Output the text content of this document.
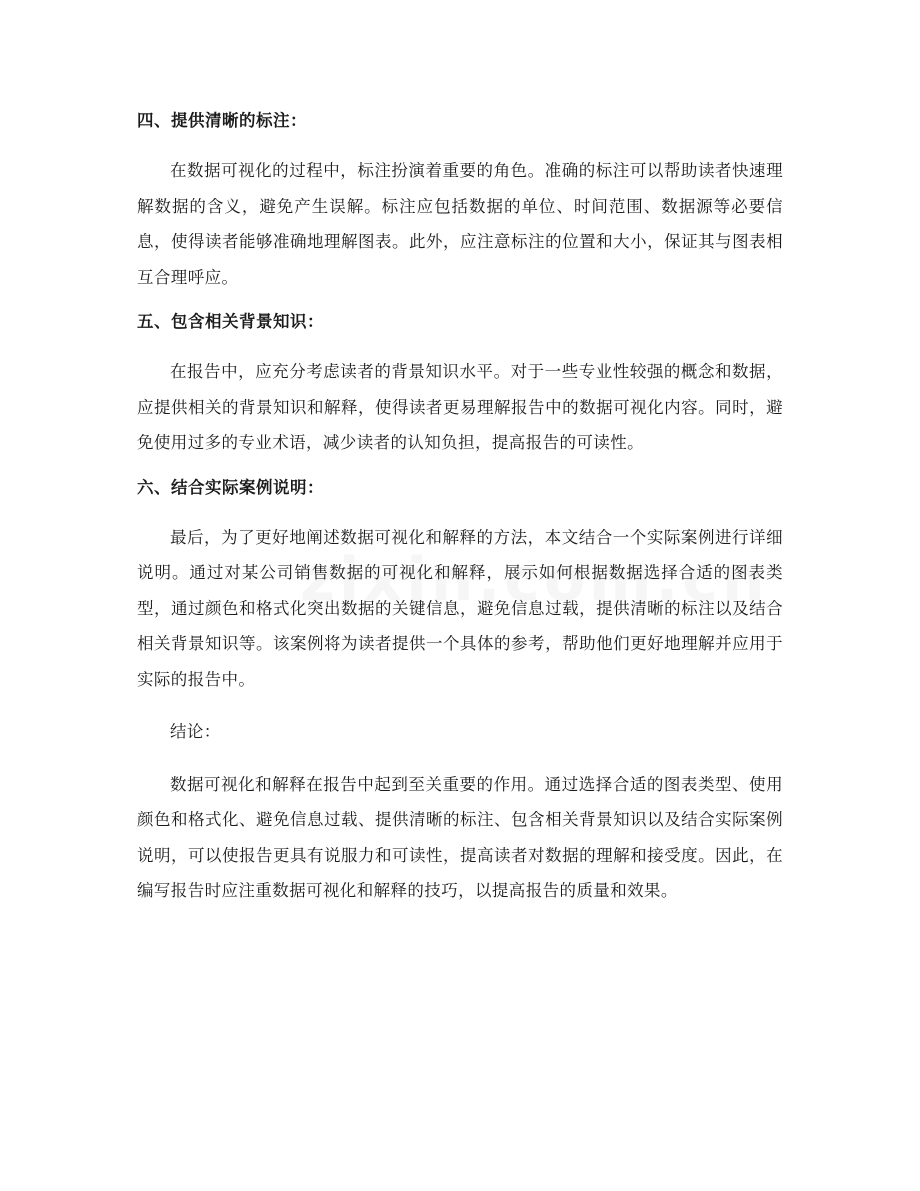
四、提供清晰的标注：

在数据可视化的过程中，标注扮演着重要的角色。准确的标注可以帮助读者快速理解数据的含义，避免产生误解。标注应包括数据的单位、时间范围、数据源等必要信息，使得读者能够准确地理解图表。此外，应注意标注的位置和大小，保证其与图表相互合理呼应。

五、包含相关背景知识：

在报告中，应充分考虑读者的背景知识水平。对于一些专业性较强的概念和数据，应提供相关的背景知识和解释，使得读者更易理解报告中的数据可视化内容。同时，避免使用过多的专业术语，减少读者的认知负担，提高报告的可读性。

六、结合实际案例说明：

最后，为了更好地阐述数据可视化和解释的方法，本文结合一个实际案例进行详细说明。通过对某公司销售数据的可视化和解释，展示如何根据数据选择合适的图表类型，通过颜色和格式化突出数据的关键信息，避免信息过载，提供清晰的标注以及结合相关背景知识等。该案例将为读者提供一个具体的参考，帮助他们更好地理解并应用于实际的报告中。

结论：

数据可视化和解释在报告中起到至关重要的作用。通过选择合适的图表类型、使用颜色和格式化、避免信息过载、提供清晰的标注、包含相关背景知识以及结合实际案例说明，可以使报告更具有说服力和可读性，提高读者对数据的理解和接受度。因此，在编写报告时应注重数据可视化和解释的技巧，以提高报告的质量和效果。
